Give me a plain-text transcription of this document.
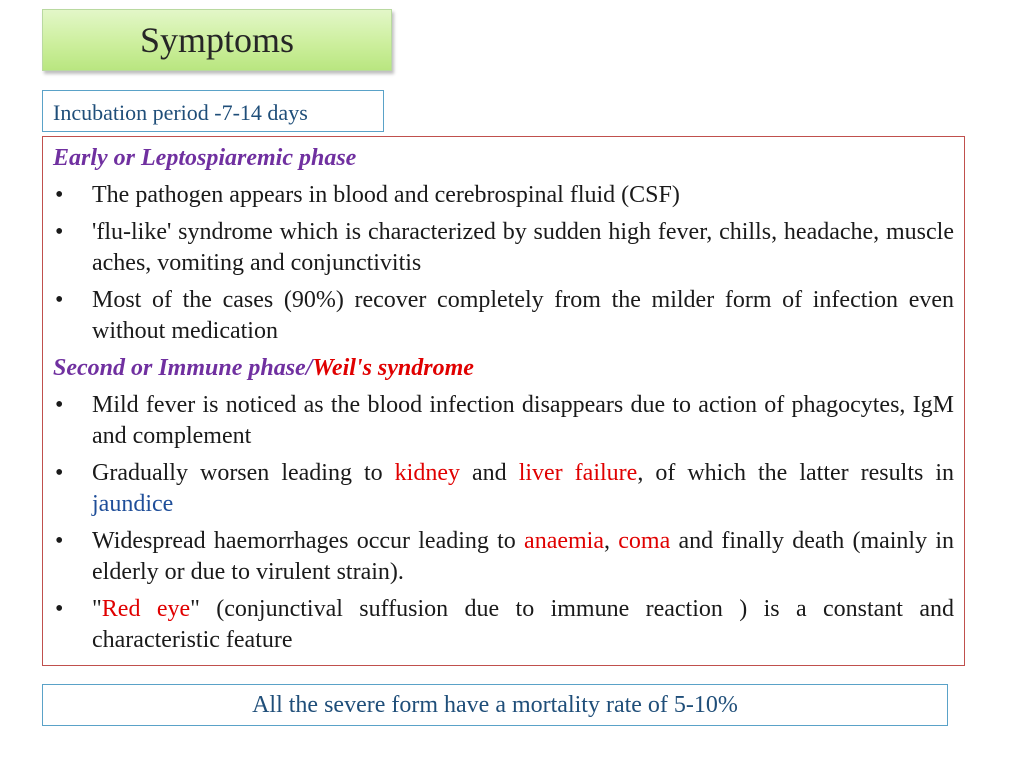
Symptoms
Incubation period -7-14 days
Early or Leptospiaremic phase
• The pathogen appears in blood and cerebrospinal fluid (CSF)
• 'flu-like' syndrome which is characterized by sudden high fever, chills, headache, muscle aches, vomiting and conjunctivitis
• Most of the cases (90%) recover completely from the milder form of infection even without medication
Second or Immune phase/Weil's syndrome
• Mild fever is noticed as the blood infection disappears due to action of phagocytes, IgM and complement
• Gradually worsen leading to kidney and liver failure, of which the latter results in jaundice
• Widespread haemorrhages occur leading to anaemia, coma and finally death (mainly in elderly or due to virulent strain).
• "Red eye" (conjunctival suffusion due to immune reaction ) is a constant and characteristic feature
All the severe form have a mortality rate of 5-10%
